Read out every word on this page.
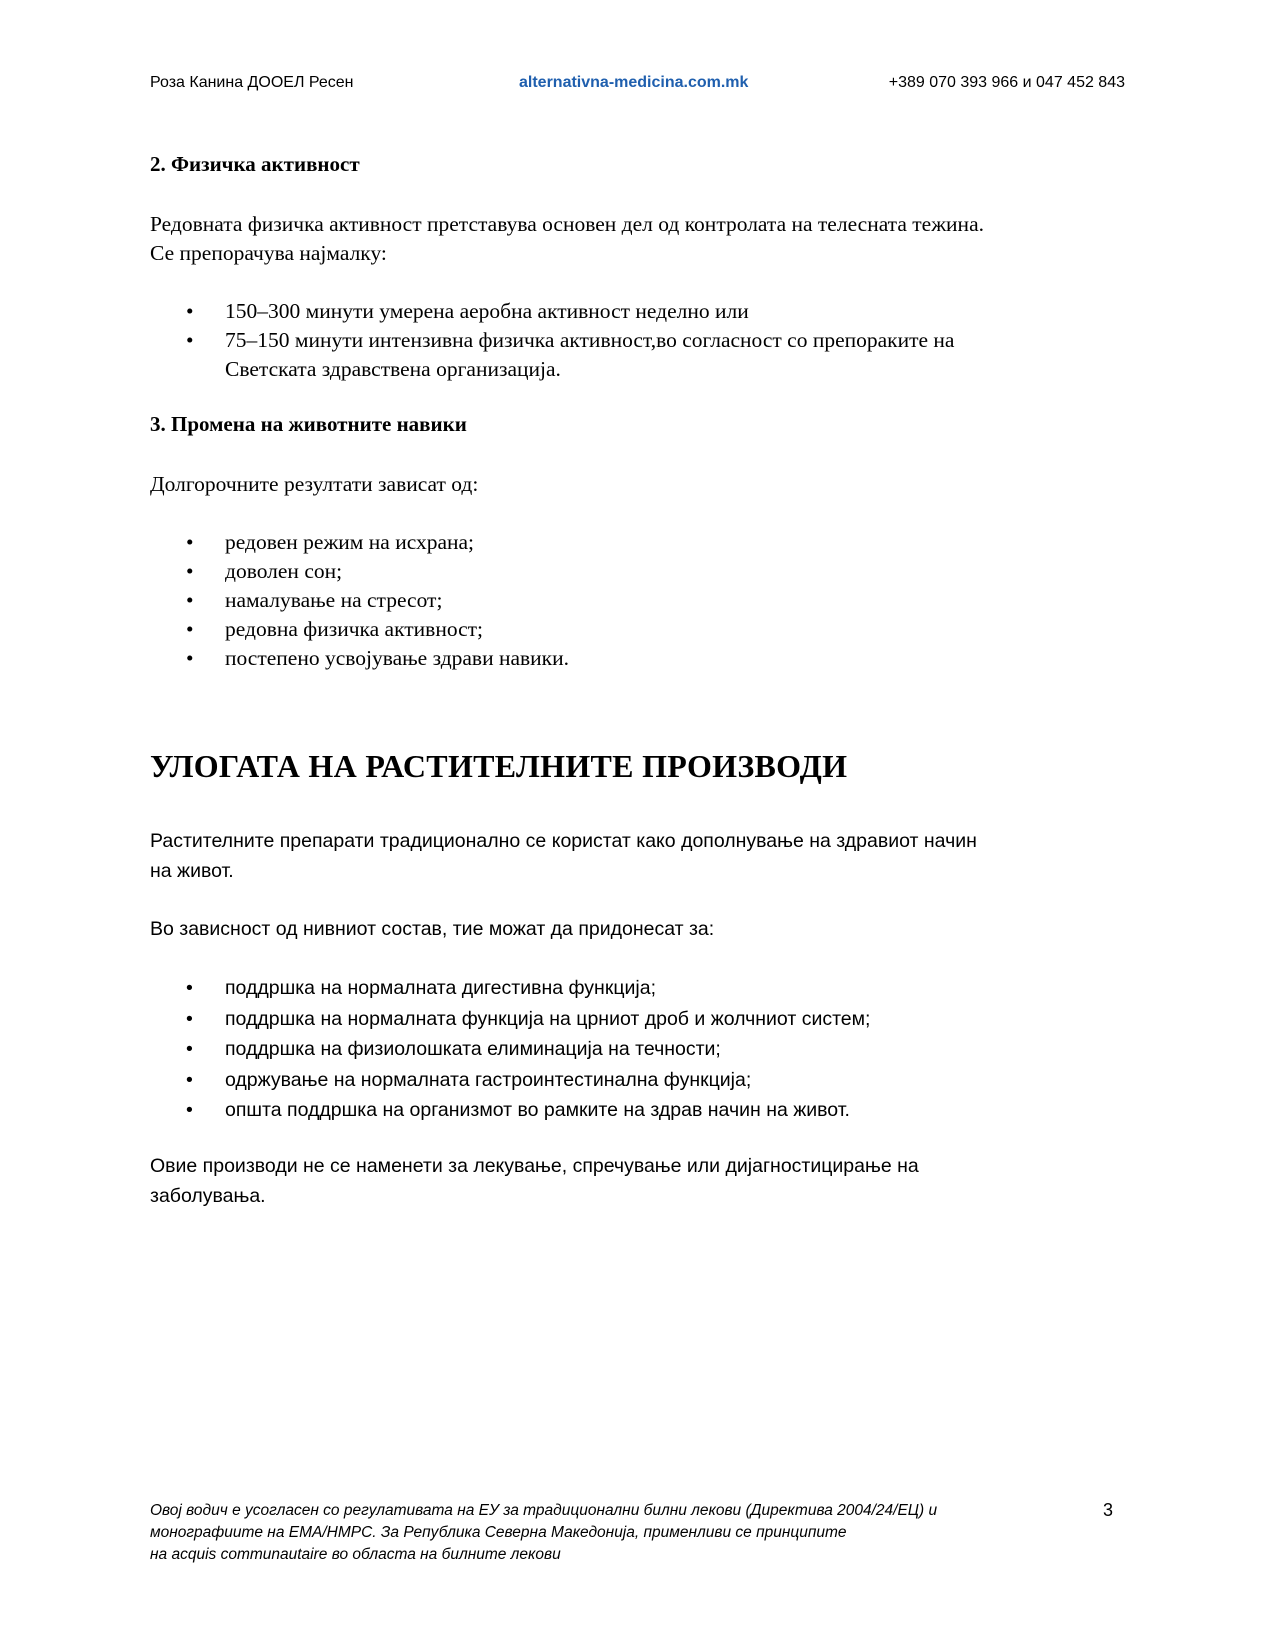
Роза Канина ДООЕЛ Ресен	alternativna-medicina.com.mk	+389 070 393 966 и 047 452 843
2. Физичка активност
Редовната физичка активност претставува основен дел од контролата на телесната тежина.
Се препорачува најмалку:
• 150–300 минути умерена аеробна активност неделно или
• 75–150 минути интензивна физичка активност,во согласност со препораките на
Светската здравствена организација.
3. Промена на животните навики
Долгорочните резултати зависат од:
• редовен режим на исхрана;
• доволен сон;
• намалување на стресот;
• редовна физичка активност;
• постепено усвојување здрави навики.
УЛОГАТА НА РАСТИТЕЛНИТЕ ПРОИЗВОДИ
Растителните препарати традиционално се користат како дополнување на здравиот начин
на живот.
Во зависност од нивниот состав, тие можат да придонесат за:
• поддршка на нормалната дигестивна функција;
• поддршка на нормалната функција на црниот дроб и жолчниот систем;
• поддршка на физиолошката елиминација на течности;
• одржување на нормалната гастроинтестинална функција;
• општа поддршка на организмот во рамките на здрав начин на живот.
Овие производи не се наменети за лекување, спречување или дијагностицирање на
заболувања.
Овој водич е усогласен со регулативата на ЕУ за традиционални билни лекови (Директива 2004/24/ЕЦ) и
монографиите на ЕМА/НМРС. За Република Северна Македонија, применливи се принципите
на acquis communautaire во областа на билните лекови
3
